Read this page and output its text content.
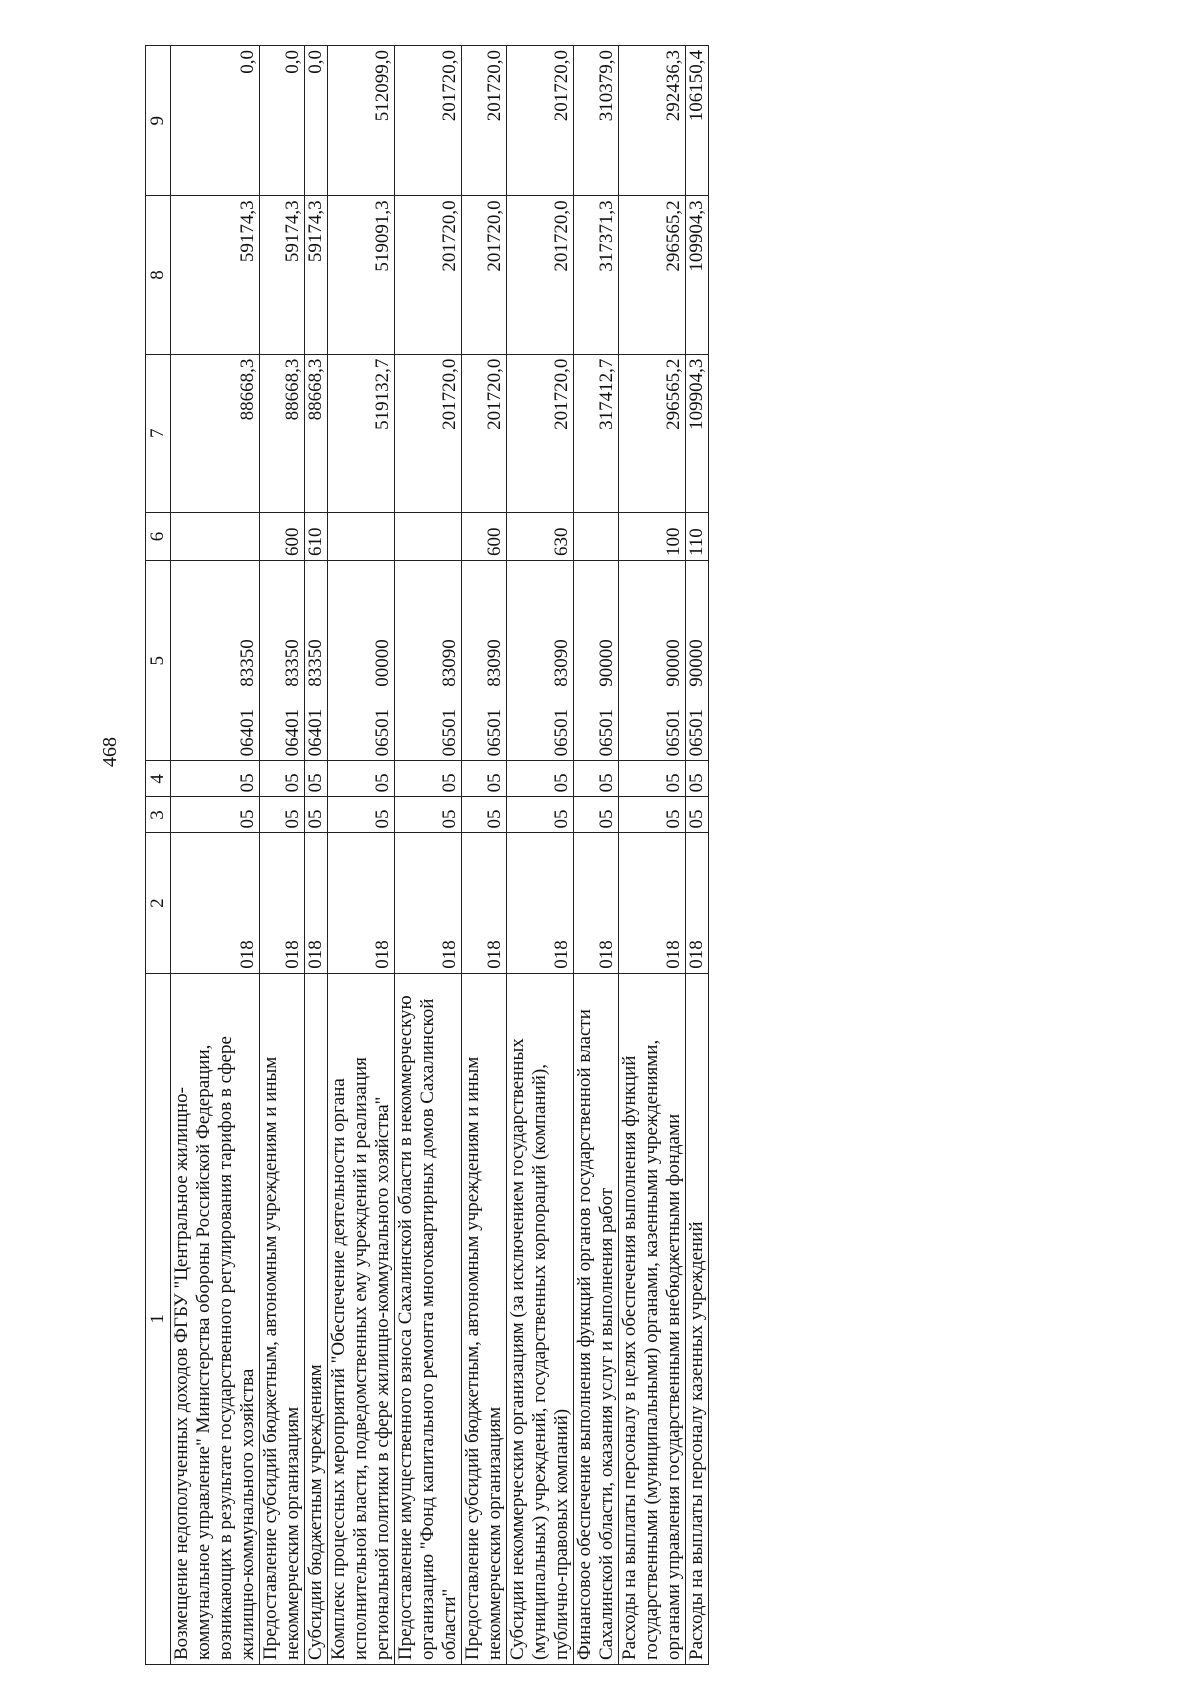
468
1	2	3	4	5		6	7	8	9
Возмещение недополученных доходов ФГБУ "Центральное жилищно-коммунальное управление" Министерства обороны Российской Федерации, возникающих в результате государственного регулирования тарифов в сфере жилищно-коммунального хозяйства	018	05	05	06401	83350		88668,3	59174,3	0,0
Предоставление субсидий бюджетным, автономным учреждениям и иным некоммерческим организациям	018	05	05	06401	83350	600	88668,3	59174,3	0,0
Субсидии бюджетным учреждениям	018	05	05	06401	83350	610	88668,3	59174,3	0,0
Комплекс процессных мероприятий "Обеспечение деятельности органа исполнительной власти, подведомственных ему учреждений и реализация региональной политики в сфере жилищно-коммунального хозяйства"	018	05	05	06501	00000		519132,7	519091,3	512099,0
Предоставление имущественного взноса Сахалинской области в некоммерческую организацию "Фонд капитального ремонта многоквартирных домов Сахалинской области"	018	05	05	06501	83090		201720,0	201720,0	201720,0
Предоставление субсидий бюджетным, автономным учреждениям и иным некоммерческим организациям	018	05	05	06501	83090	600	201720,0	201720,0	201720,0
Субсидии некоммерческим организациям (за исключением государственных (муниципальных) учреждений, государственных корпораций (компаний), публично-правовых компаний)	018	05	05	06501	83090	630	201720,0	201720,0	201720,0
Финансовое обеспечение выполнения функций органов государственной власти Сахалинской области, оказания услуг и выполнения работ	018	05	05	06501	90000		317412,7	317371,3	310379,0
Расходы на выплаты персоналу в целях обеспечения выполнения функций государственными (муниципальными) органами, казенными учреждениями, органами управления государственными внебюджетными фондами	018	05	05	06501	90000	100	296565,2	296565,2	292436,3
Расходы на выплаты персоналу казенных учреждений	018	05	05	06501	90000	110	109904,3	109904,3	106150,4
